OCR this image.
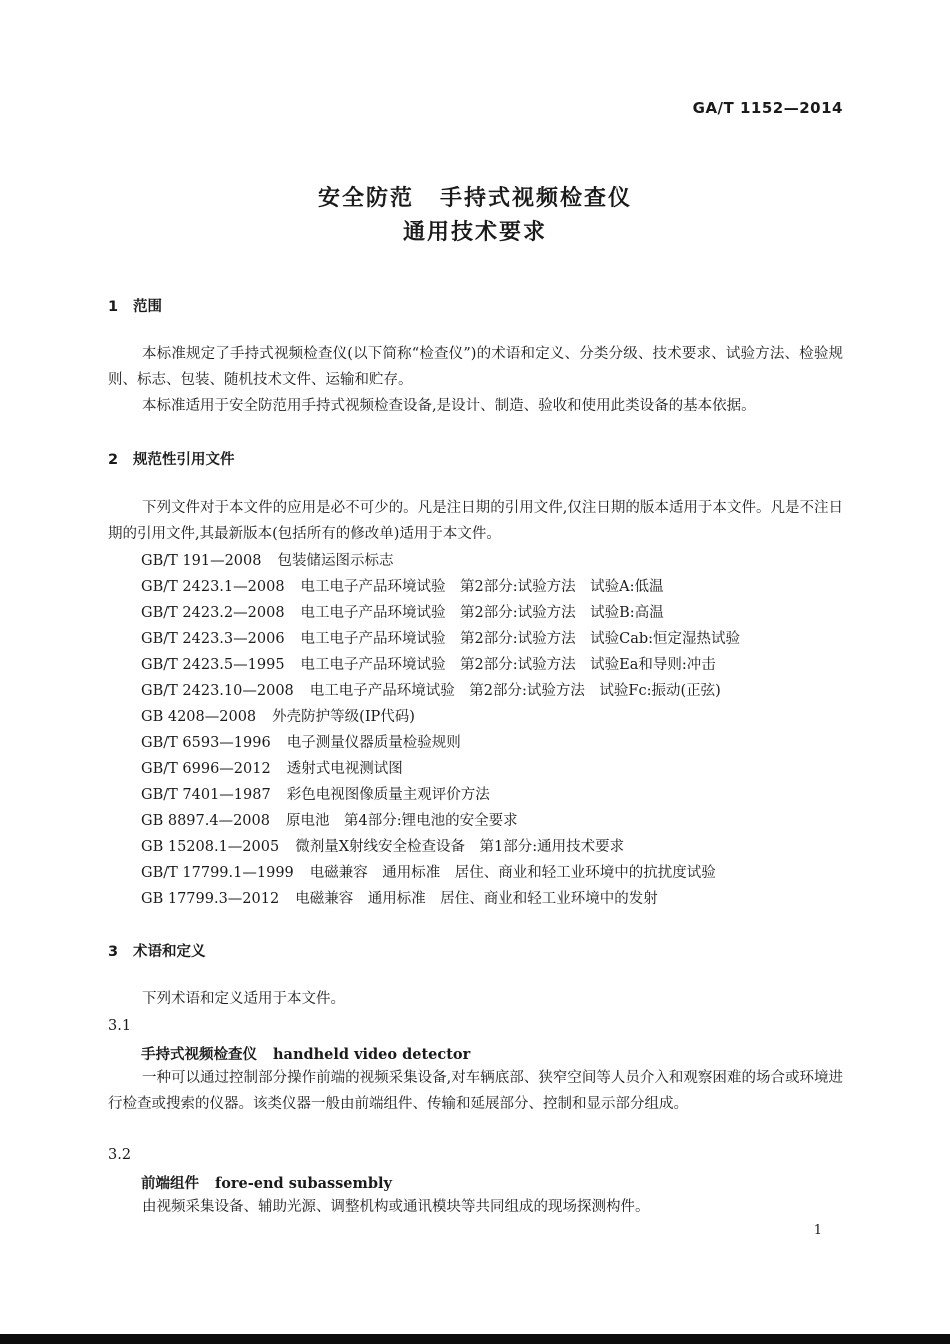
GA/T 1152—2014
安全防范 手持式视频检查仪
通用技术要求
1 范围
本标准规定了手持式视频检查仪(以下简称“检查仪”)的术语和定义、分类分级、技术要求、试验方法、检验规则、标志、包装、随机技术文件、运输和贮存。
本标准适用于安全防范用手持式视频检查设备,是设计、制造、验收和使用此类设备的基本依据。
2 规范性引用文件
下列文件对于本文件的应用是必不可少的。凡是注日期的引用文件,仅注日期的版本适用于本文件。凡是不注日期的引用文件,其最新版本(包括所有的修改单)适用于本文件。
GB/T 191—2008 包装储运图示标志
GB/T 2423.1—2008 电工电子产品环境试验　第2部分:试验方法　试验A:低温
GB/T 2423.2—2008 电工电子产品环境试验　第2部分:试验方法　试验B:高温
GB/T 2423.3—2006 电工电子产品环境试验　第2部分:试验方法　试验Cab:恒定湿热试验
GB/T 2423.5—1995 电工电子产品环境试验　第2部分:试验方法　试验Ea和导则:冲击
GB/T 2423.10—2008 电工电子产品环境试验　第2部分:试验方法　试验Fc:振动(正弦)
GB 4208—2008 外壳防护等级(IP代码)
GB/T 6593—1996 电子测量仪器质量检验规则
GB/T 6996—2012 透射式电视测试图
GB/T 7401—1987 彩色电视图像质量主观评价方法
GB 8897.4—2008 原电池　第4部分:锂电池的安全要求
GB 15208.1—2005 微剂量X射线安全检查设备　第1部分:通用技术要求
GB/T 17799.1—1999 电磁兼容　通用标准　居住、商业和轻工业环境中的抗扰度试验
GB 17799.3—2012 电磁兼容　通用标准　居住、商业和轻工业环境中的发射
3 术语和定义
下列术语和定义适用于本文件。
3.1
手持式视频检查仪 handheld video detector
一种可以通过控制部分操作前端的视频采集设备,对车辆底部、狭窄空间等人员介入和观察困难的场合或环境进行检查或搜索的仪器。该类仪器一般由前端组件、传输和延展部分、控制和显示部分组成。
3.2
前端组件 fore-end subassembly
由视频采集设备、辅助光源、调整机构或通讯模块等共同组成的现场探测构件。
1
